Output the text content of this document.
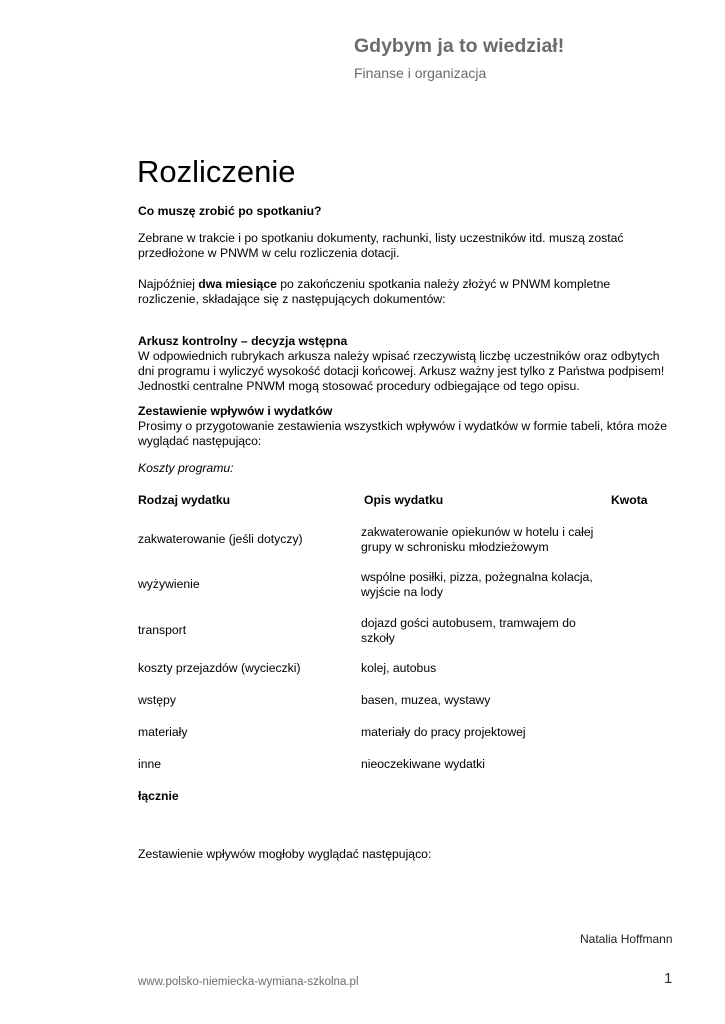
Gdybym ja to wiedział!
Finanse i organizacja
Rozliczenie
Co muszę zrobić po spotkaniu?
Zebrane w trakcie i po spotkaniu dokumenty, rachunki, listy uczestników itd. muszą zostać przedłożone w PNWM w celu rozliczenia dotacji.
Najpóźniej dwa miesiące po zakończeniu spotkania należy złożyć w PNWM kompletne rozliczenie, składające się z następujących dokumentów:
Arkusz kontrolny – decyzja wstępna
W odpowiednich rubrykach arkusza należy wpisać rzeczywistą liczbę uczestników oraz odbytych dni programu i wyliczyć wysokość dotacji końcowej. Arkusz ważny jest tylko z Państwa podpisem! Jednostki centralne PNWM mogą stosować procedury odbiegające od tego opisu.
Zestawienie wpływów i wydatków
Prosimy o przygotowanie zestawienia wszystkich wpływów i wydatków w formie tabeli, która może wyglądać następująco:
Koszty programu:
Rodzaj wydatku	Opis wydatku	Kwota
zakwaterowanie (jeśli dotyczy)	zakwaterowanie opiekunów w hotelu i całej grupy w schronisku młodzieżowym
wyżywienie	wspólne posiłki, pizza, pożegnalna kolacja, wyjście na lody
transport	dojazd gości autobusem, tramwajem do szkoły
koszty przejazdów (wycieczki)	kolej, autobus
wstępy	basen, muzea, wystawy
materiały	materiały do pracy projektowej
inne	nieoczekiwane wydatki
łącznie
Zestawienie wpływów mogłoby wyglądać następująco:
Natalia Hoffmann
www.polsko-niemiecka-wymiana-szkolna.pl	1
